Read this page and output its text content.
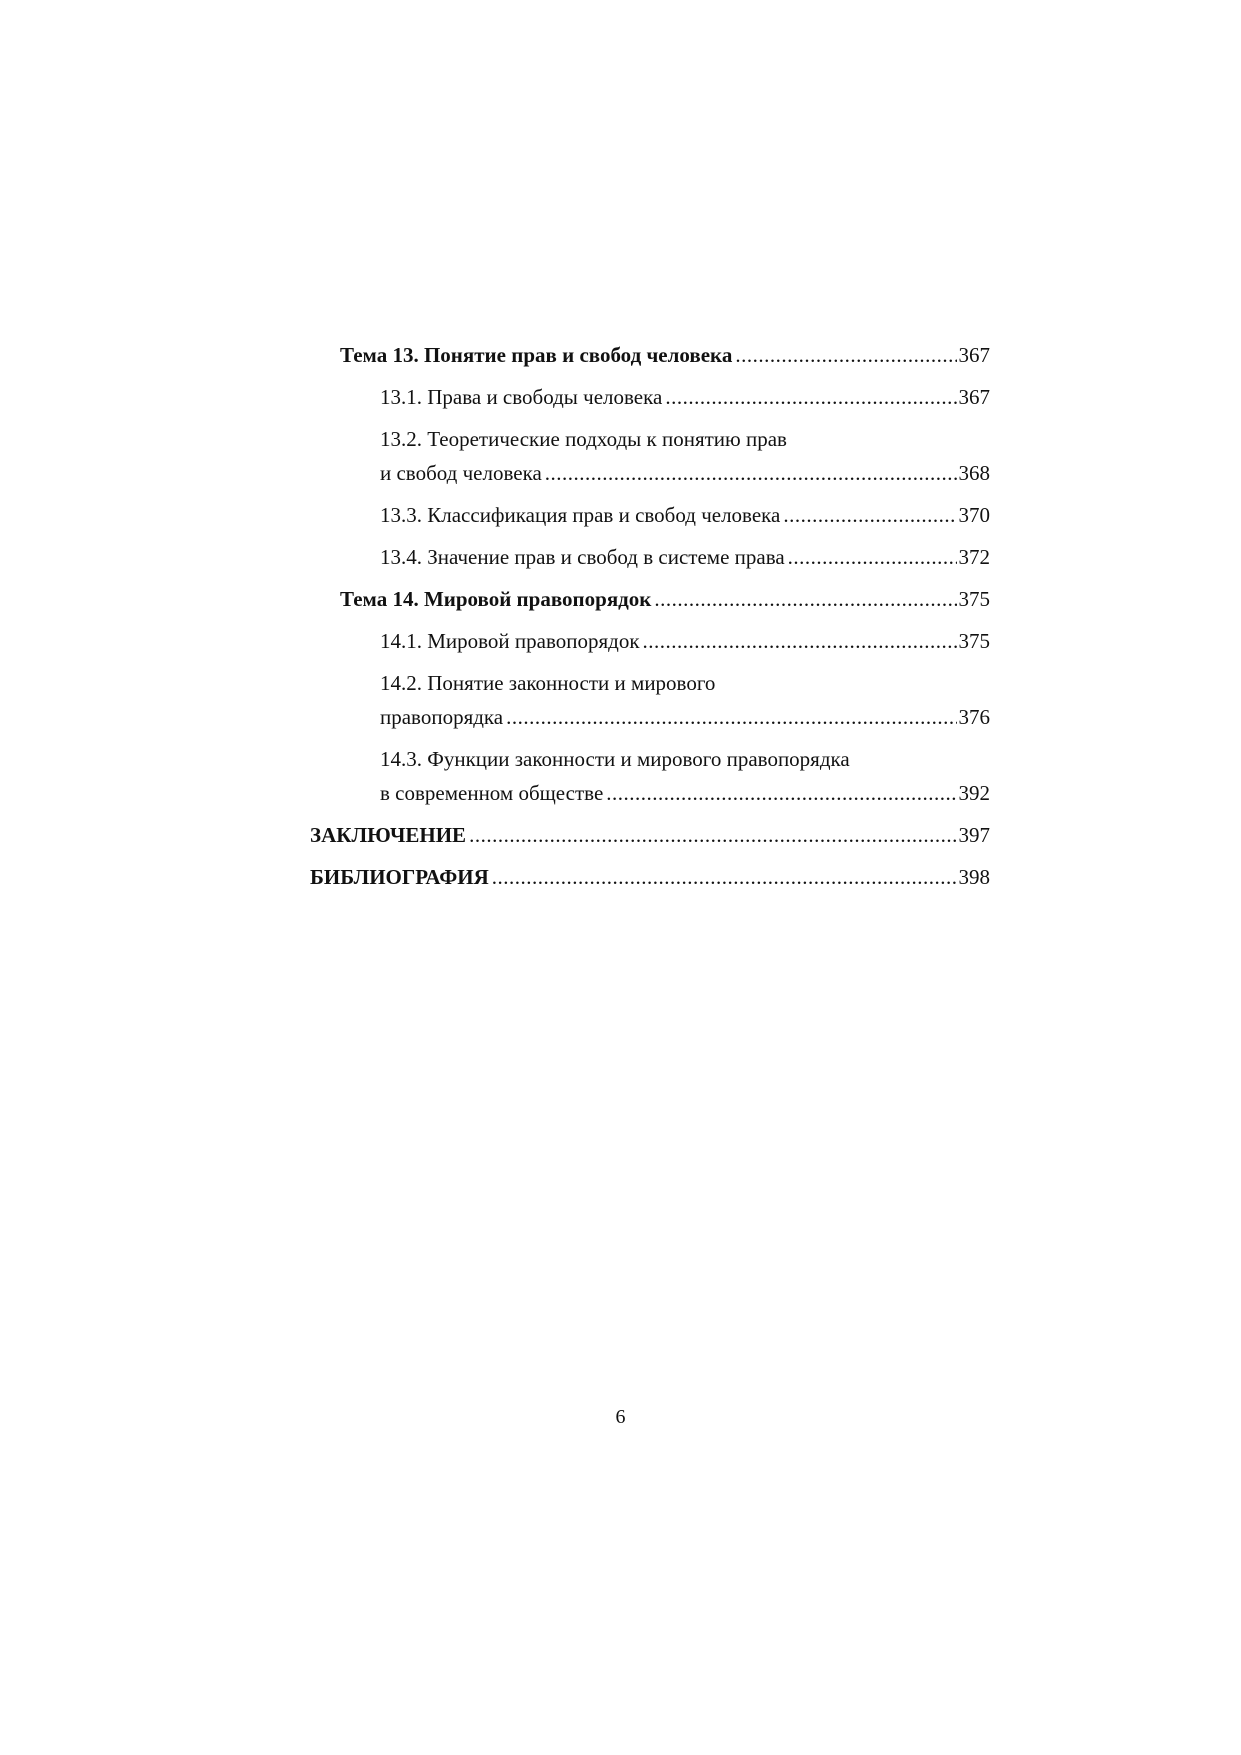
Тема 13. Понятие прав и свобод человека .....	367
13.1. Права и свободы человека .....	367
13.2. Теоретические подходы к понятию прав
и свобод человека .....	368
13.3. Классификация прав и свобод человека .....	370
13.4. Значение прав и свобод в системе права .....	372
Тема 14. Мировой правопорядок .....	375
14.1. Мировой правопорядок .....	375
14.2. Понятие законности и мирового
правопорядка .....	376
14.3. Функции законности и мирового правопорядка
в современном обществе .....	392
ЗАКЛЮЧЕНИЕ .....	397
БИБЛИОГРАФИЯ .....	398
6
